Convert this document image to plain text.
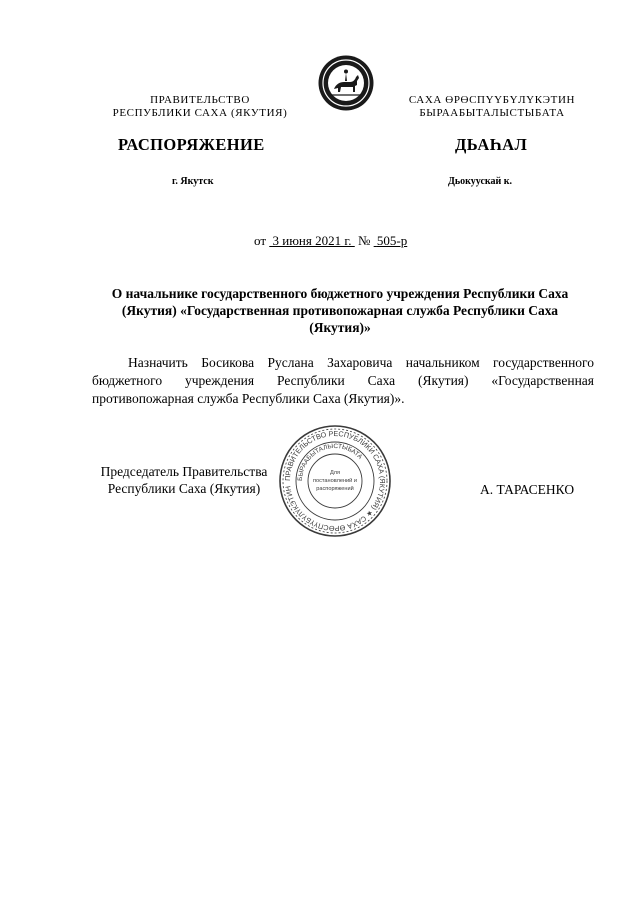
ПРАВИТЕЛЬСТВО
РЕСПУБЛИКИ САХА (ЯКУТИЯ)
САХА ӨРӨСПҮҮБҮЛҮКЭТИН
БЫРААБЫТАЛЫСТЫБАТА
РАСПОРЯЖЕНИЕ	ДЬАҺАЛ
г. Якутск	Дьокуускай к.
от 3 июня 2021 г. № 505-р
О начальнике государственного бюджетного учреждения Республики Саха (Якутия) «Государственная противопожарная служба Республики Саха (Якутия)»
Назначить Босикова Руслана Захаровича начальником государственного бюджетного учреждения Республики Саха (Якутия) «Государственная противопожарная служба Республики Саха (Якутия)».
Председатель Правительства
Республики Саха (Якутия)
ПРАВИТЕЛЬСТВО РЕСПУБЛИКИ САХА (ЯКУТИЯ) ★ САХА ӨРӨСПҮҮБҮЛҮКЭТИН
БЫРААБЫТАЛЫСТЫБАТА
Для
постановлений и
распоряжений	А. ТАРАСЕНКО
